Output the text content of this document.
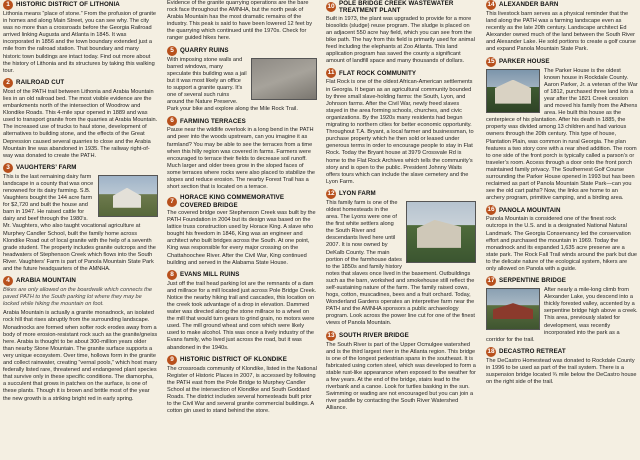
1 HISTORIC DISTRICT OF LITHONIA

Lithonia means “place of stone.” From the profusion of granite in homes and along Main Street, you can see why. The city was no more than a crossroads before the Georgia Railroad arrived linking Augusta and Atlanta in 1845. It was incorporated in 1856 and the town boundary extended just a mile from the railroad station. That boundary and many historic town buildings are intact today. Find out more about the history of Lithonia and its structures by taking this walking tour.

2 RAILROAD CUT

Most of the PATH trail between Lithonia and Arabia Mountain lies in an old railroad bed. The most visible evidence are the embankments north of the intersection of Woodrow and Klondike Roads. This 4-mile spur opened in 1889 and was used to transport granite from the quarries at Arabia Mountain. The increased use of trucks to haul stone, development of alternatives to building stone, and the effects of the Great Depression caused several quarries to close and the Arabia Mountain line was abandoned in 1935. The railway right-of-way was donated to create the PATH.

3 VAUGHTERS’ FARM

This is the last remaining dairy farm landscape in a county that was once renowned for its dairy farming. S.B. Vaughters bought the 144 acre farm for $2,720 and built the house and barn in 1947. He raised cattle for dairy and beef through the 1980’s. Mr. Vaughters, who also taught vocational agriculture at Murphey Candler School, built the family home across Klondike Road out of local granite with the help of a seventh grade student. The property includes granite outcrops and the headwaters of Stephenson Creek which flows into the South River. Vaughters’ Farm is part of Panola Mountain State Park and the future headquarters of the AMNHA.

4 ARABIA MOUNTAIN

Bikes are only allowed on the boardwalk which connects the paved PATH to the South parking lot where they may be locked while hiking the mountain on foot.

Arabia Mountain is actually a granite monadnock, an isolated rock hill that rises abruptly from the surrounding landscape. Monadnocks are formed when softer rock erodes away from a body of more erosion-resistant rock such as the granite/gneiss here. Arabia is thought to be about 300-million years older than nearby Stone Mountain. The granite surface supports a very unique ecosystem. Over time, hollows form in the granite and collect rainwater, creating “vernal pools,” which host many federally listed rare, threatened and endangered plant species that survive only in these specific conditions. The diamorpha, a succulent that grows in patches on the surface, is one of these plants. Though it is brown and brittle most of the year the new growth is a striking bright red in early spring.

Evidence of the granite quarrying operations are the bare rock face throughout the AMNHA, but the north peak of Arabia Mountain has the most dramatic remains of the industry. This peak is said to have been lowered 12 feet by the quarrying which continued until the 1970s. Check for ranger guided hikes here.

5 QUARRY RUINS

With imposing stone walls and barred windows, many speculate this building was a jail but it was most likely an office to support a granite quarry. It’s one of several such ruins around the Nature Preserve. Park your bike and explore along the Mile Rock Trail.

6 FARMING TERRACES

Pause near the wildlife overlook in a long bend in the PATH and peer into the woods upstream, can you imagine it as farmland? You may be able to see the terraces from a time when this hilly region was covered in farms. Farmers were encouraged to terrace their fields to decrease soil runoff. Much larger and older trees grow in the sloped faces of some terraces where rocks were also placed to stabilize the slopes and reduce erosion. The nearby Forest Trail has a short section that is located on a terrace.

7 HORACE KING COMMEMORATIVE COVERED BRIDGE

The covered bridge over Stephenson Creek was built by the PATH Foundation in 2004 but its design was based on the lattice truss construction used by Horace King. A slave who bought his freedom in 1846, King was an engineer and architect who built bridges across the South. At one point, King was responsible for every major crossing on the Chattahoochee River. After the Civil War, King continued building and served in the Alabama State House.

8 EVANS MILL RUINS

Just off the trail head parking lot are the remnants of a dam and millrace for a mill located just across Pole Bridge Creek. Notice the nearby hiking trail and cascades, this location on the creek took advantage of a drop in elevation. Dammed water was directed along the stone millrace to a wheel on the mill that would turn gears to grind grain, no motors were used. The mill ground wheat and corn which were likely used to make alcohol. This was once a lively industry of the Evans family, who lived just across the road, but it was abandoned in the 1940s.

9 HISTORIC DISTRICT OF KLONDIKE

The crossroads community of Klondike, listed in the National Register of Historic Places in 2007, is accessed by following the PATH east from the Pole Bridge to Murphey Candler School at the intersection of Klondike and South Goddard Roads. The district includes several homesteads built prior to the Civil War and several granite commercial buildings. A cotton gin used to stand behind the store.

10 POLE BRIDGE CREEK WASTEWATER TREATMENT PLANT

Built in 1973, the plant was upgraded to provide for a more biosolids (sludge) reuse program. The sludge is placed on an adjacent 550 acre hay field, which you can see from the bike path. The hay from this field is primarily used for animal feed including the elephants at Zoo Atlanta. This land application program has saved the county a significant amount of landfill space and many thousands of dollars.

11 FLAT ROCK COMMUNITY

Flat Rock is one of the oldest African-American settlements in Georgia. It began as an agricultural community bounded by three small slave-holding farms: the South, Lyon, and Johnson farms. After the Civil War, newly freed slaves stayed in the area forming schools, churches, and civic organizations. By the 1920s many residents had begun migrating to northern cities for better economic opportunity. Throughout T.A. Bryant, a local farmer and businessman, to purchase property which he then sold or leased under generous terms in order to encourage people to stay in Flat Rock. Today the Bryant house at 3979 Crossvale Rd is home to the Flat Rock Archives which tells the community’s story and is open to the public. President Johnny Waits offers tours which can include the slave cemetery and the Lyon Farm.

12 LYON FARM

This family farm is one of the oldest homesteads in the area. The Lyons were one of the first white settlers along the South River and descendants lived here until 2007. It is now owned by DeKalb County. The main portion of the farmhouse dates to the 1850s and family history notes that slaves once lived in the basement. Outbuildings such as the barn, workshed and smokehouse still reflect the self-sustaining nature of the farm. The family raised cows, hogs, cotton, muscadines, bees and a fruit orchard. Today, Wonderland Gardens operates an interpretive farm near the PATH and the AMNHA sponsors a public archaeology program. Look across the power line cut for one of the finest views of Panola Mountain.

13 SOUTH RIVER BRIDGE

The South River is part of the Upper Ocmulgee watershed and is the third largest river in the Atlanta region. This bridge is one of the longest pedestrian spans in the southeast. It is fabricated using corten steel, which was developed to form a stable rust-like appearance when exposed to the weather for a few years. At the end of the bridge, stairs lead to the riverbank and a canoe. Look for turtles basking in the sun. Swimming or wading are not encouraged but you can join a river paddle by contacting the South River Watershed Alliance.

14 ALEXANDER BARN

This livestock barn serves as a physical reminder that the land along the PATH was a farming landscape even as recently as the late 20th century. Landscape architect Ed Alexander owned much of the land between the South River and Alexander Lake. He sold portions to create a golf course and expand Panola Mountain State Park.

15 PARKER HOUSE

The Parker House is the oldest known house in Rockdale County. Aaron Parker, Jr. a veteran of the War of 1812, purchased three land lots a year after the 1821 Creek cession and moved his family from the Athens area. He built this house as the centerpiece of his plantation. After his death in 1885, the property was divided among 13 children and had various owners through the 20th century. This type of house, Plantation Plain, was common in rural Georgia. The plan features a two story core with a rear shed addition. The room to one side of the front porch is typically called a parson’s or traveler’s room. Access through a door onto the front porch maintained family privacy. The Southernest Golf Course surrounding the Parker House opened in 1993 but has been reclaimed as part of Panola Mountain State Park—can you see the old cart paths? Now, the links are home to an archery program, primitive camping, and a birding area.

16 PANOLA MOUNTAIN

Panola Mountain is considered one of the finest rock outcrops in the U.S. and is a designated National Natural Landmark. The Georgia Conservancy led the conservation effort and purchased the mountain in 1969. Today the monadnock and its expanded 1,635 acre preserve are a state park. The Rock Fall Trail winds around the park but due to the delicate nature of the ecological system, hikers are only allowed on Panola with a guide.

17 SERPENTINE BRIDGE

After nearly a mile-long climb from Alexander Lake, you descend into a thickly forested valley, accented by a serpentine bridge high above a creek. This area, previously slated for development, was recently incorporated into the park as a corridor for the trail.

18 DECASTRO RETREAT

The DeCastro Homestead was donated to Rockdale County in 1996 to be used as part of the trail system. There is a suspension bridge located ¾ mile below the DeCastro house on the right side of the trail.
